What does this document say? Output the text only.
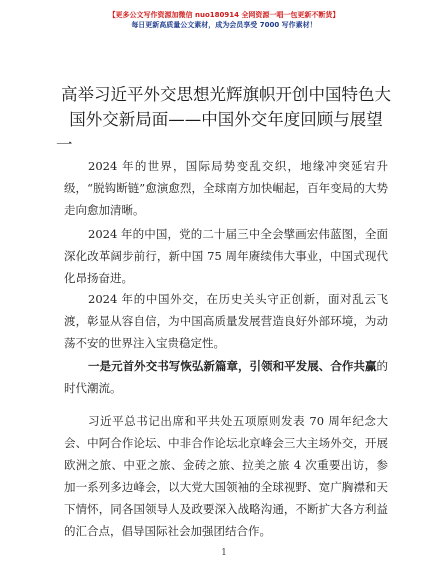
【更多公文写作资源加微信 nuo180914 全网资源一唱一包更新不断货】
每日更新高质量公文素材，成为会员享受 7000 写作素材！
高举习近平外交思想光辉旗帜开创中国特色大
国外交新局面——中国外交年度回顾与展望
一

2024 年的世界，国际局势变乱交织，地缘冲突延宕升级，“脱钩断链”愈演愈烈，全球南方加快崛起，百年变局的大势走向愈加清晰。

2024 年的中国，党的二十届三中全会擘画宏伟蓝图，全面深化改革阔步前行，新中国 75 周年赓续伟大事业，中国式现代化昂扬奋进。

2024 年的中国外交，在历史关头守正创新，面对乱云飞渡，彰显从容自信，为中国高质量发展营造良好外部环境，为动荡不安的世界注入宝贵稳定性。

一是元首外交书写恢弘新篇章，引领和平发展、合作共赢的时代潮流。

习近平总书记出席和平共处五项原则发表 70 周年纪念大会、中阿合作论坛、中非合作论坛北京峰会三大主场外交，开展欧洲之旅、中亚之旅、金砖之旅、拉美之旅 4 次重要出访，参加一系列多边峰会，以大党大国领袖的全球视野、宽广胸襟和天下情怀，同各国领导人及政要深入战略沟通，不断扩大各方利益的汇合点，倡导国际社会加强团结合作。

1
